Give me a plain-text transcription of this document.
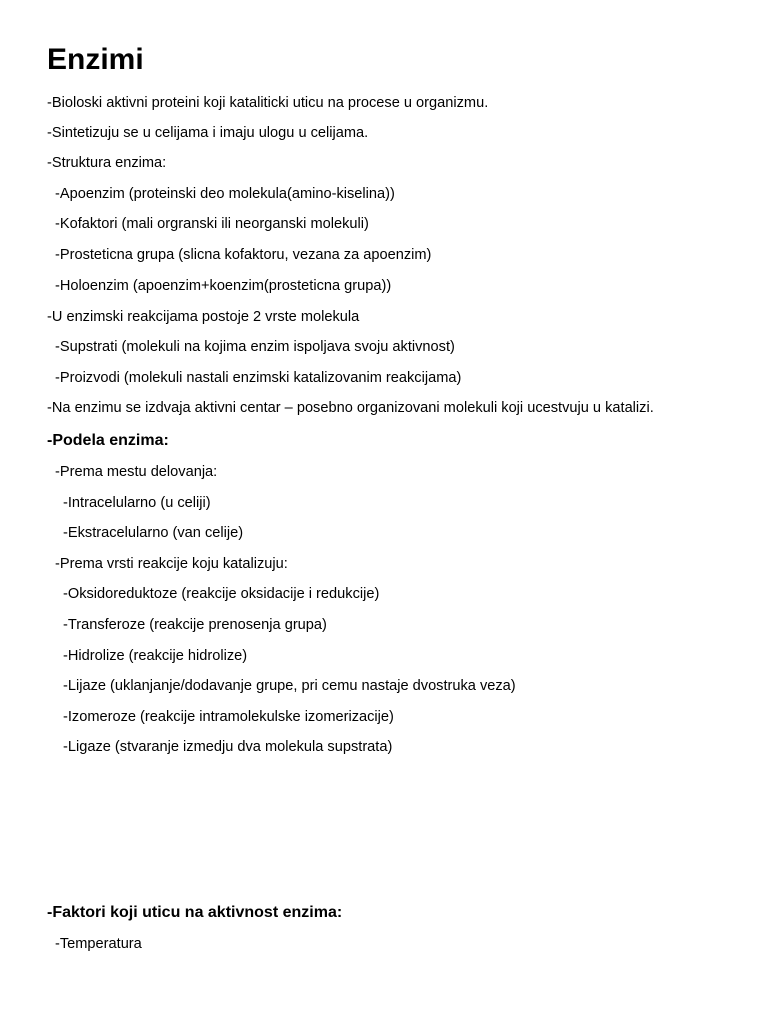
Enzimi

-Bioloski aktivni proteini koji kataliticki uticu na procese u organizmu.

-Sintetizuju se u celijama i imaju ulogu u celijama.

-Struktura enzima:

-Apoenzim (proteinski deo molekula(amino-kiselina))

-Kofaktori (mali orgranski ili neorganski molekuli)

-Prosteticna grupa (slicna kofaktoru, vezana za apoenzim)

-Holoenzim (apoenzim+koenzim(prosteticna grupa))

-U enzimski reakcijama postoje 2 vrste molekula

-Supstrati (molekuli na kojima enzim ispoljava svoju aktivnost)

-Proizvodi (molekuli nastali enzimski katalizovanim reakcijama)

-Na enzimu se izdvaja aktivni centar – posebno organizovani molekuli koji ucestvuju u katalizi.

-Podela enzima:

-Prema mestu delovanja:

-Intracelularno (u celiji)

-Ekstracelularno (van celije)

-Prema vrsti reakcije koju katalizuju:

-Oksidoreduktoze (reakcije oksidacije i redukcije)

-Transferoze (reakcije prenosenja grupa)

-Hidrolize (reakcije hidrolize)

-Lijaze (uklanjanje/dodavanje grupe, pri cemu nastaje dvostruka veza)

-Izomeroze (reakcije intramolekulske izomerizacije)

-Ligaze (stvaranje izmedju dva molekula supstrata)

-Faktori koji uticu na aktivnost enzima:

-Temperatura
